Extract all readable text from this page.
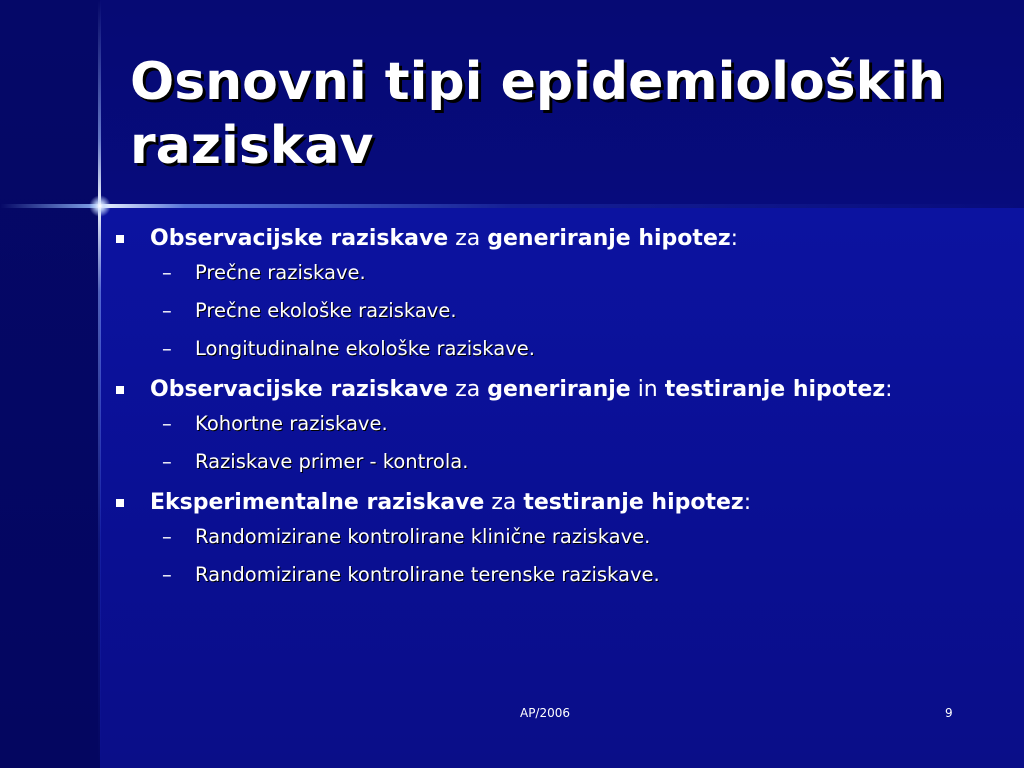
Osnovni tipi epidemioloških raziskav
Observacijske raziskave za generiranje hipotez:
– Prečne raziskave.
– Prečne ekološke raziskave.
– Longitudinalne ekološke raziskave.
Observacijske raziskave za generiranje in testiranje hipotez:
– Kohortne raziskave.
– Raziskave primer - kontrola.
Eksperimentalne raziskave za testiranje hipotez:
– Randomizirane kontrolirane klinične raziskave.
– Randomizirane kontrolirane terenske raziskave.
AP/2006	9
